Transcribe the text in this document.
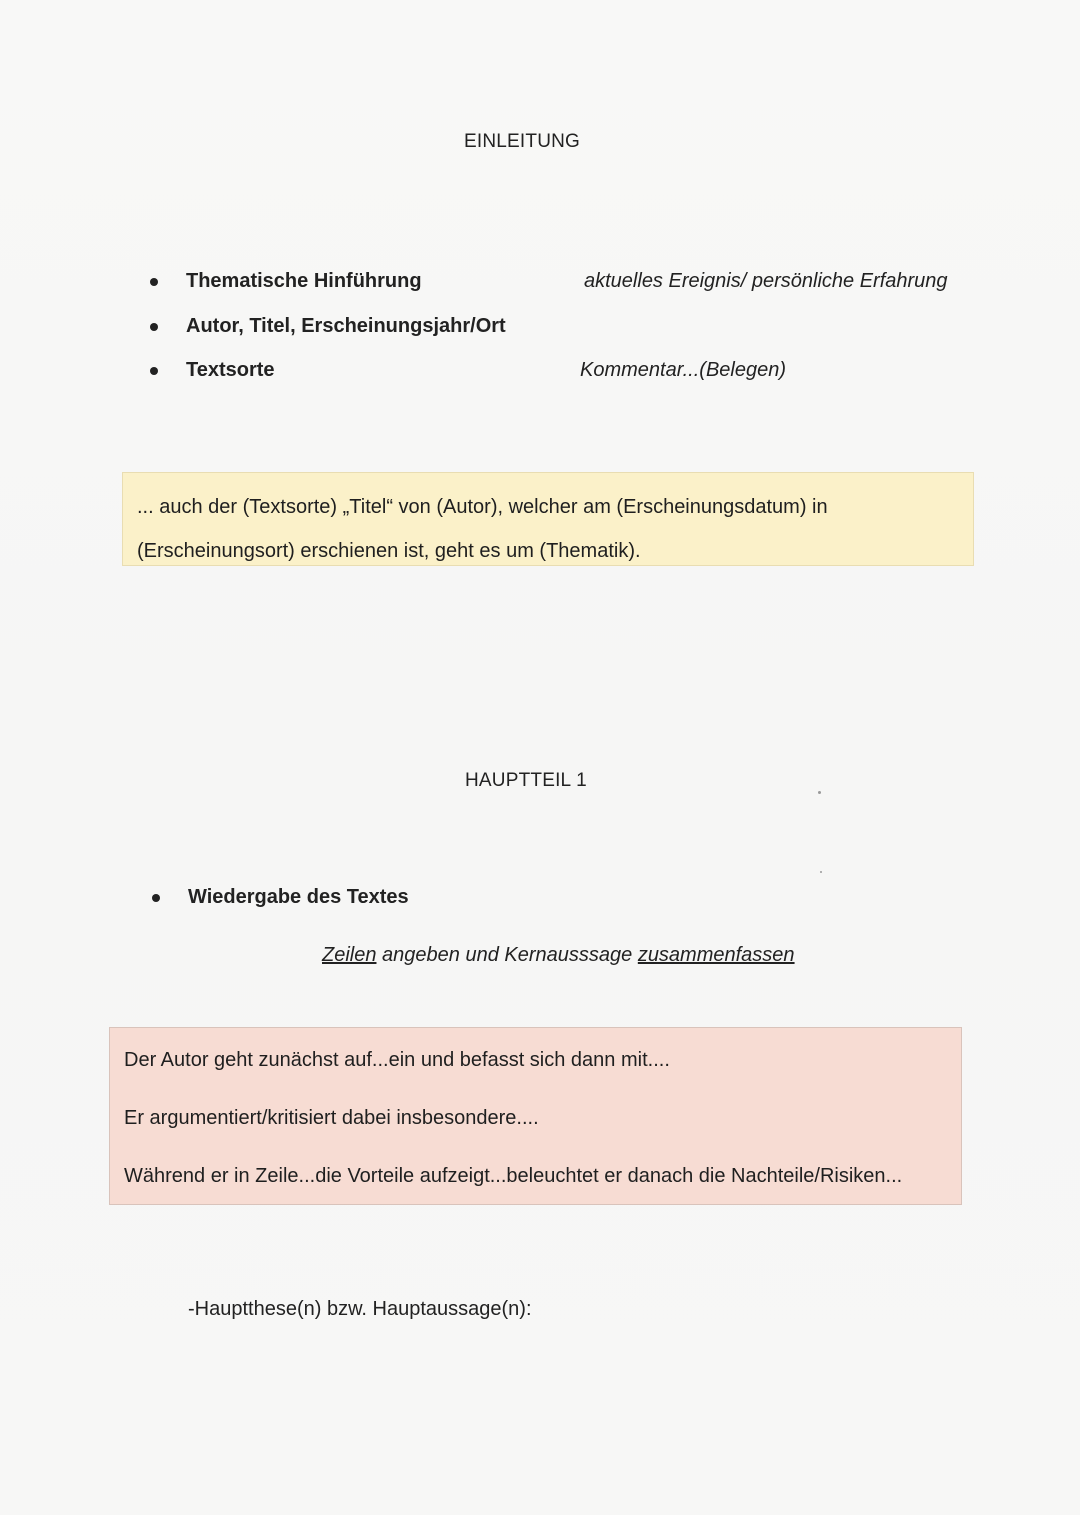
EINLEITUNG
Thematische Hinführung	aktuelles Ereignis/ persönliche Erfahrung
Autor, Titel, Erscheinungsjahr/Ort
Textsorte	Kommentar...(Belegen)
... auch der (Textsorte) „Titel“ von (Autor), welcher am (Erscheinungsdatum) in
(Erscheinungsort) erschienen ist, geht es um (Thematik).
HAUPTTEIL 1
Wiedergabe des Textes
Zeilen angeben und Kernausssage zusammenfassen
Der Autor geht zunächst auf...ein und befasst sich dann mit....
Er argumentiert/kritisiert dabei insbesondere....
Während er in Zeile...die Vorteile aufzeigt...beleuchtet er danach die Nachteile/Risiken...
-Hauptthese(n) bzw. Hauptaussage(n):
